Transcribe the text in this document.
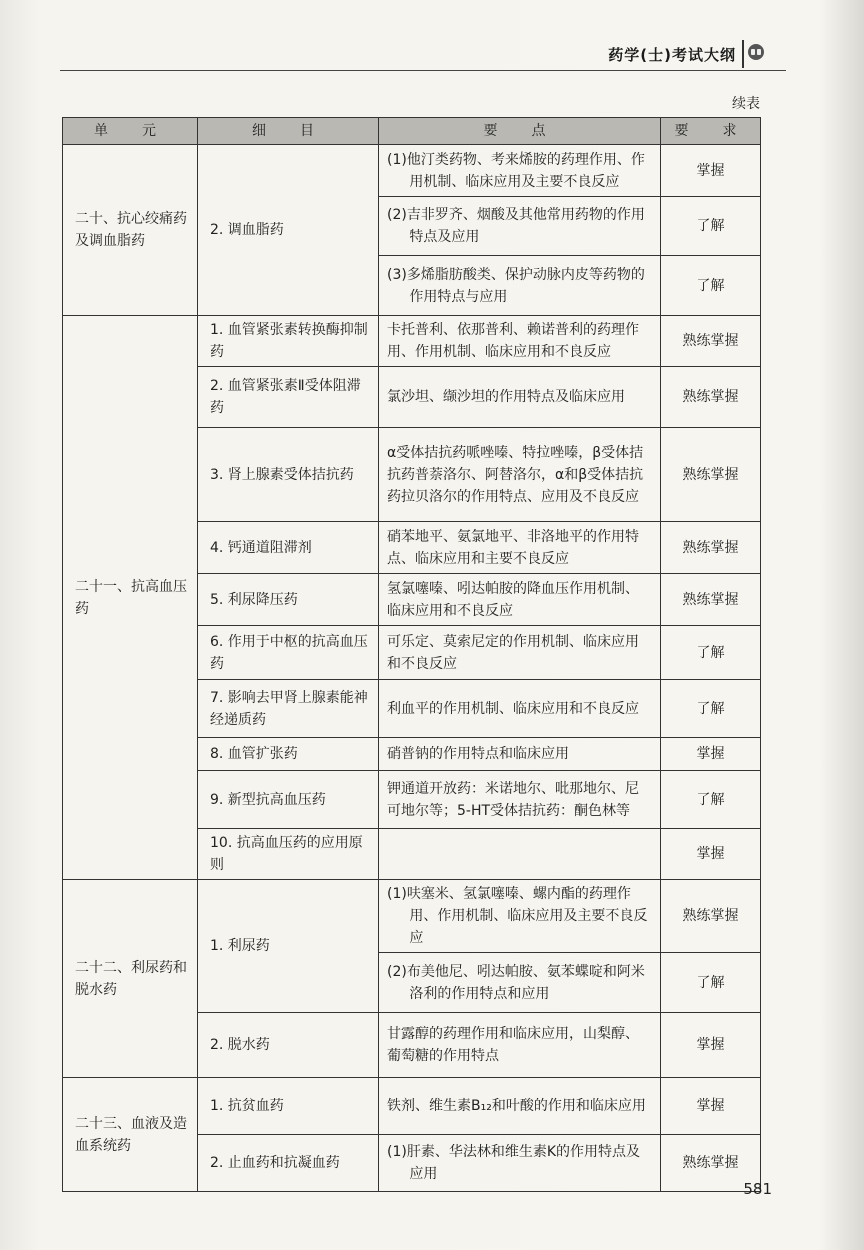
药学(士)考试大纲
续表
单　元	细　目	要　点	要　求
二十、抗心绞痛药及调血脂药	2. 调血脂药	(1)他汀类药物、考来烯胺的药理作用、作用机制、临床应用及主要不良反应	掌握

		(2)吉非罗齐、烟酸及其他常用药物的作用特点及应用	了解

		(3)多烯脂肪酸类、保护动脉内皮等药物的作用特点与应用	了解
二十一、抗高血压药	1. 血管紧张素转换酶抑制药	卡托普利、依那普利、赖诺普利的药理作用、作用机制、临床应用和不良反应	熟练掌握
	2. 血管紧张素Ⅱ受体阻滞药	氯沙坦、缬沙坦的作用特点及临床应用	熟练掌握
	3. 肾上腺素受体拮抗药	α受体拮抗药哌唑嗪、特拉唑嗪，β受体拮抗药普萘洛尔、阿替洛尔，α和β受体拮抗药拉贝洛尔的作用特点、应用及不良反应	熟练掌握
	4. 钙通道阻滞剂	硝苯地平、氨氯地平、非洛地平的作用特点、临床应用和主要不良反应	熟练掌握
	5. 利尿降压药	氢氯噻嗪、吲达帕胺的降血压作用机制、临床应用和不良反应	熟练掌握
	6. 作用于中枢的抗高血压药	可乐定、莫索尼定的作用机制、临床应用和不良反应	了解
	7. 影响去甲肾上腺素能神经递质药	利血平的作用机制、临床应用和不良反应	了解
	8. 血管扩张药	硝普钠的作用特点和临床应用	掌握
	9. 新型抗高血压药	钾通道开放药：米诺地尔、吡那地尔、尼可地尔等；5-HT受体拮抗药：酮色林等	了解
	10. 抗高血压药的应用原则		掌握
二十二、利尿药和脱水药	1. 利尿药	(1)呋塞米、氢氯噻嗪、螺内酯的药理作用、作用机制、临床应用及主要不良反应	熟练掌握

		(2)布美他尼、吲达帕胺、氨苯蝶啶和阿米洛利的作用特点和应用	了解
	2. 脱水药	甘露醇的药理作用和临床应用，山梨醇、葡萄糖的作用特点	掌握
二十三、血液及造血系统药	1. 抗贫血药	铁剂、维生素B₁₂和叶酸的作用和临床应用	掌握
	2. 止血药和抗凝血药	(1)肝素、华法林和维生素K的作用特点及应用	熟练掌握
581
